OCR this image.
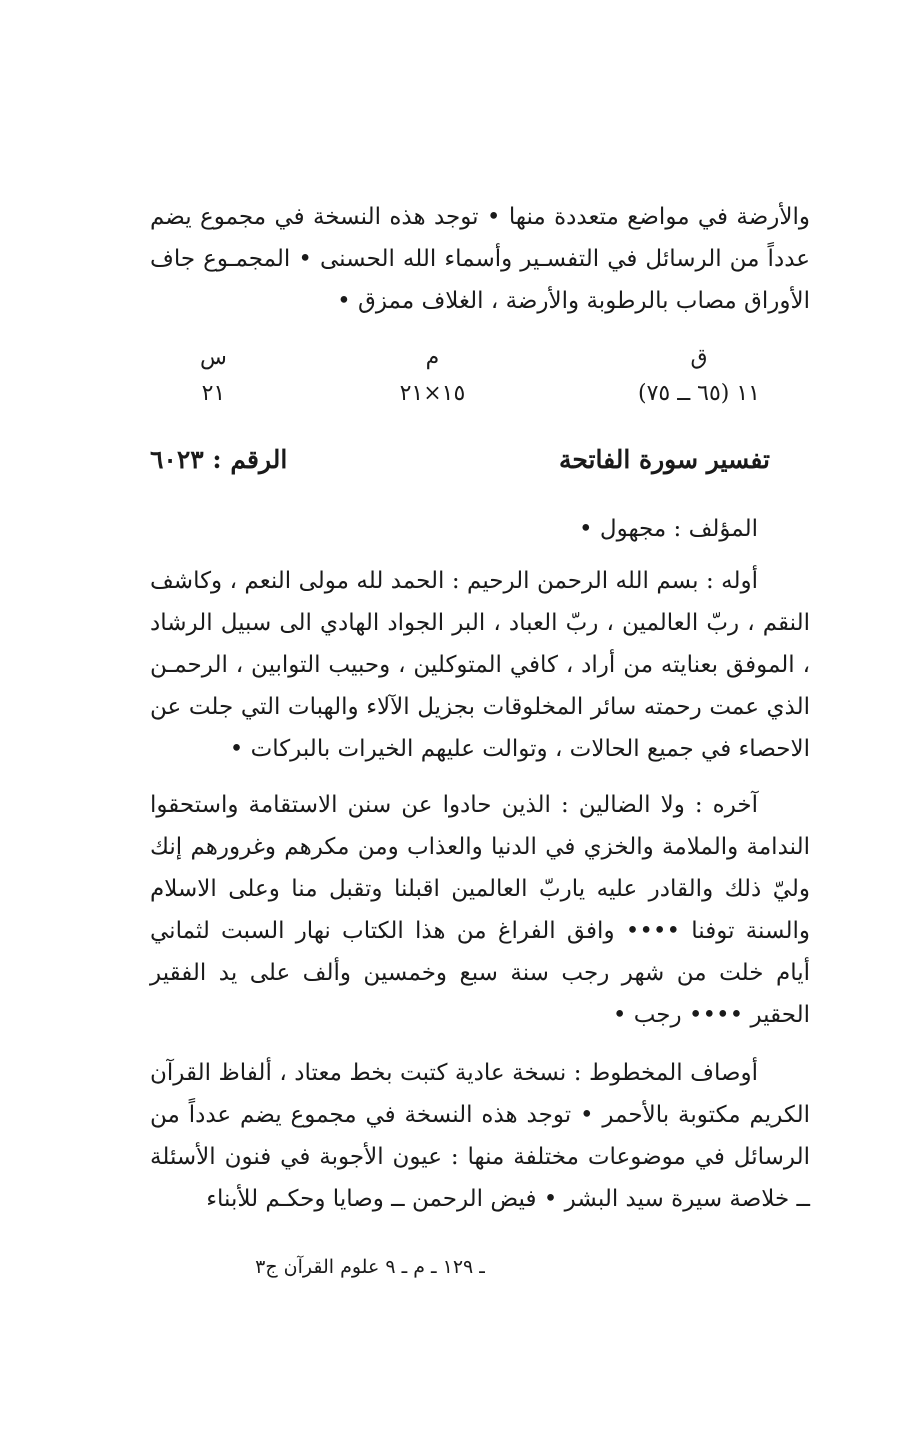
والأرضة في مواضع متعددة منها • توجد هذه النسخة في مجموع يضم عدداً من الرسائل في التفسـير وأسماء الله الحسنى • المجمـوع جاف الأوراق مصاب بالرطوبة والأرضة ، الغلاف ممزق •

ق
١١ (٦٥ ــ ٧٥)
م
١٥×٢١
س
٢١
تفسير سورة الفاتحة
الرقم : ٦٠٢٣

المؤلف : مجهول •

أوله : بسم الله الرحمن الرحيم : الحمد لله مولى النعم ، وكاشف النقم ، ربّ العالمين ، ربّ العباد ، البر الجواد الهادي الى سبيل الرشاد ، الموفق بعنايته من أراد ، كافي المتوكلين ، وحبيب التوابين ، الرحمـن الذي عمت رحمته سائر المخلوقات بجزيل الآلاء والهبات التي جلت عن الاحصاء في جميع الحالات ، وتوالت عليهم الخيرات بالبركات •

آخره : ولا الضالين : الذين حادوا عن سنن الاستقامة واستحقوا الندامة والملامة والخزي في الدنيا والعذاب ومن مكرهم وغرورهم إنك وليّ ذلك والقادر عليه ياربّ العالمين اقبلنا وتقبل منا وعلى الاسلام والسنة توفنا •••• وافق الفراغ من هذا الكتاب نهار السبت لثماني أيام خلت من شهر رجب سنة سبع وخمسين وألف على يد الفقير الحقير •••• رجب •

أوصاف المخطوط : نسخة عادية كتبت بخط معتاد ، ألفاظ القرآن الكريم مكتوبة بالأحمر • توجد هذه النسخة في مجموع يضم عدداً من الرسائل في موضوعات مختلفة منها : عيون الأجوبة في فنون الأسئلة ــ خلاصة سيرة سيد البشر • فيض الرحمن ــ وصايا وحكـم للأبناء

ـ ١٢٩ ـ م ـ ٩ علوم القرآن ج٣
